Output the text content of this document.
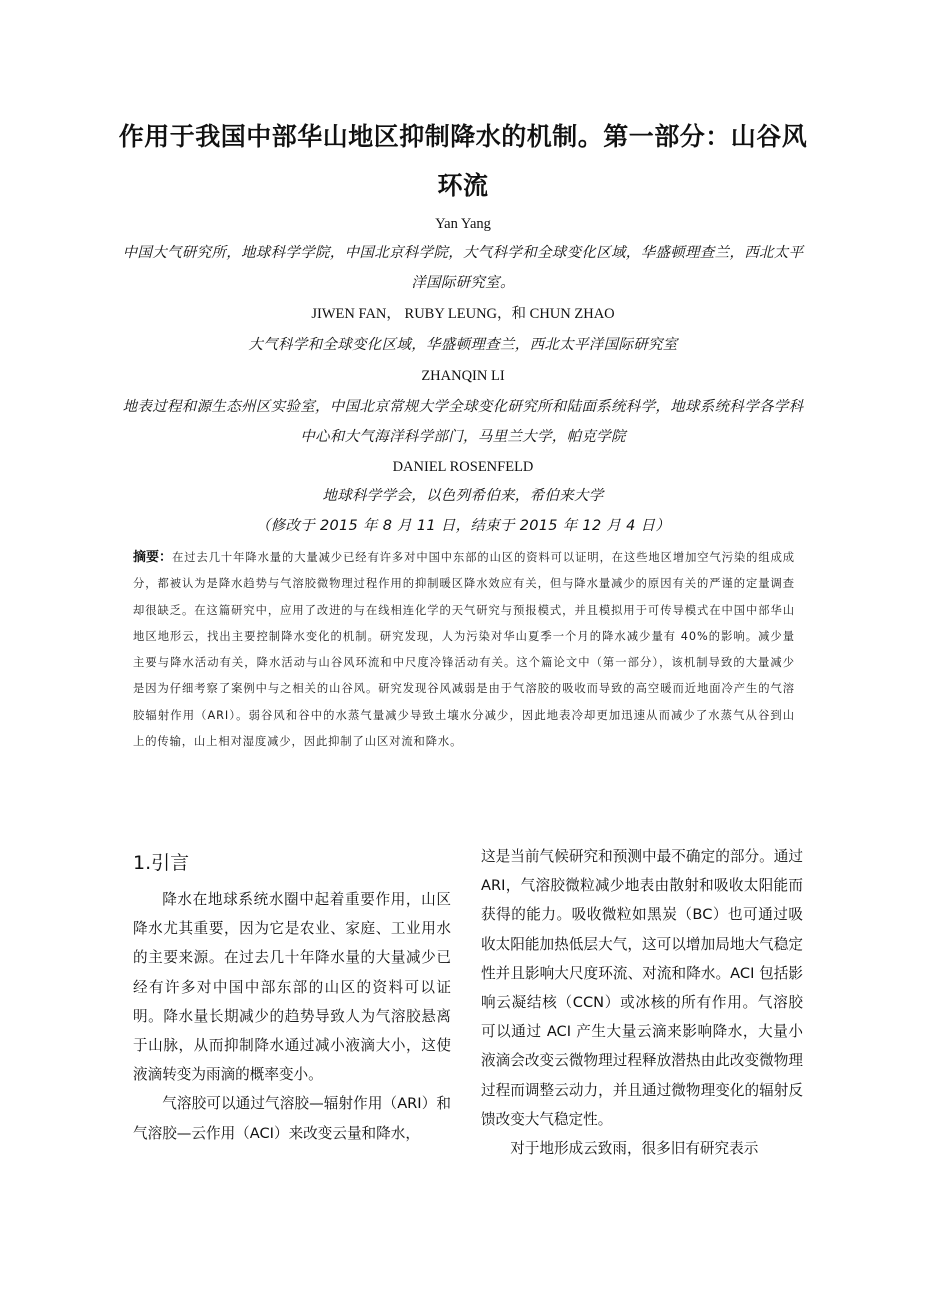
作用于我国中部华山地区抑制降水的机制。第一部分：山谷风环流
Yan Yang
中国大气研究所，地球科学学院，中国北京科学院，大气科学和全球变化区域，华盛顿理查兰，西北太平洋国际研究室。
JIWEN FAN， RUBY LEUNG，和 CHUN ZHAO
大气科学和全球变化区域，华盛顿理查兰，西北太平洋国际研究室
ZHANQIN LI
地表过程和源生态州区实验室，中国北京常规大学全球变化研究所和陆面系统科学，地球系统科学各学科中心和大气海洋科学部门，马里兰大学，帕克学院
DANIEL ROSENFELD
地球科学学会，以色列希伯来，希伯来大学
（修改于 2015 年 8 月 11 日，结束于 2015 年 12 月 4 日）
摘要：在过去几十年降水量的大量减少已经有许多对中国中东部的山区的资料可以证明，在这些地区增加空气污染的组成成分，都被认为是降水趋势与气溶胶微物理过程作用的抑制暖区降水效应有关，但与降水量减少的原因有关的严谨的定量调查却很缺乏。在这篇研究中，应用了改进的与在线相连化学的天气研究与预报模式，并且模拟用于可传导模式在中国中部华山地区地形云，找出主要控制降水变化的机制。研究发现，人为污染对华山夏季一个月的降水减少量有 40%的影响。减少量主要与降水活动有关，降水活动与山谷风环流和中尺度冷锋活动有关。这个篇论文中（第一部分），该机制导致的大量减少是因为仔细考察了案例中与之相关的山谷风。研究发现谷风减弱是由于气溶胶的吸收而导致的高空暖而近地面冷产生的气溶胶辐射作用（ARI）。弱谷风和谷中的水蒸气量减少导致土壤水分减少，因此地表冷却更加迅速从而减少了水蒸气从谷到山上的传输，山上相对湿度减少，因此抑制了山区对流和降水。
1.引言

降水在地球系统水圈中起着重要作用，山区降水尤其重要，因为它是农业、家庭、工业用水的主要来源。在过去几十年降水量的大量减少已经有许多对中国中部东部的山区的资料可以证明。降水量长期减少的趋势导致人为气溶胶悬离于山脉，从而抑制降水通过减小液滴大小，这使液滴转变为雨滴的概率变小。

气溶胶可以通过气溶胶—辐射作用（ARI）和气溶胶—云作用（ACI）来改变云量和降水，

这是当前气候研究和预测中最不确定的部分。通过 ARI，气溶胶微粒减少地表由散射和吸收太阳能而获得的能力。吸收微粒如黑炭（BC）也可通过吸收太阳能加热低层大气，这可以增加局地大气稳定性并且影响大尺度环流、对流和降水。ACI 包括影响云凝结核（CCN）或冰核的所有作用。气溶胶可以通过 ACI 产生大量云滴来影响降水，大量小液滴会改变云微物理过程释放潜热由此改变微物理过程而调整云动力，并且通过微物理变化的辐射反馈改变大气稳定性。

对于地形成云致雨，很多旧有研究表示
